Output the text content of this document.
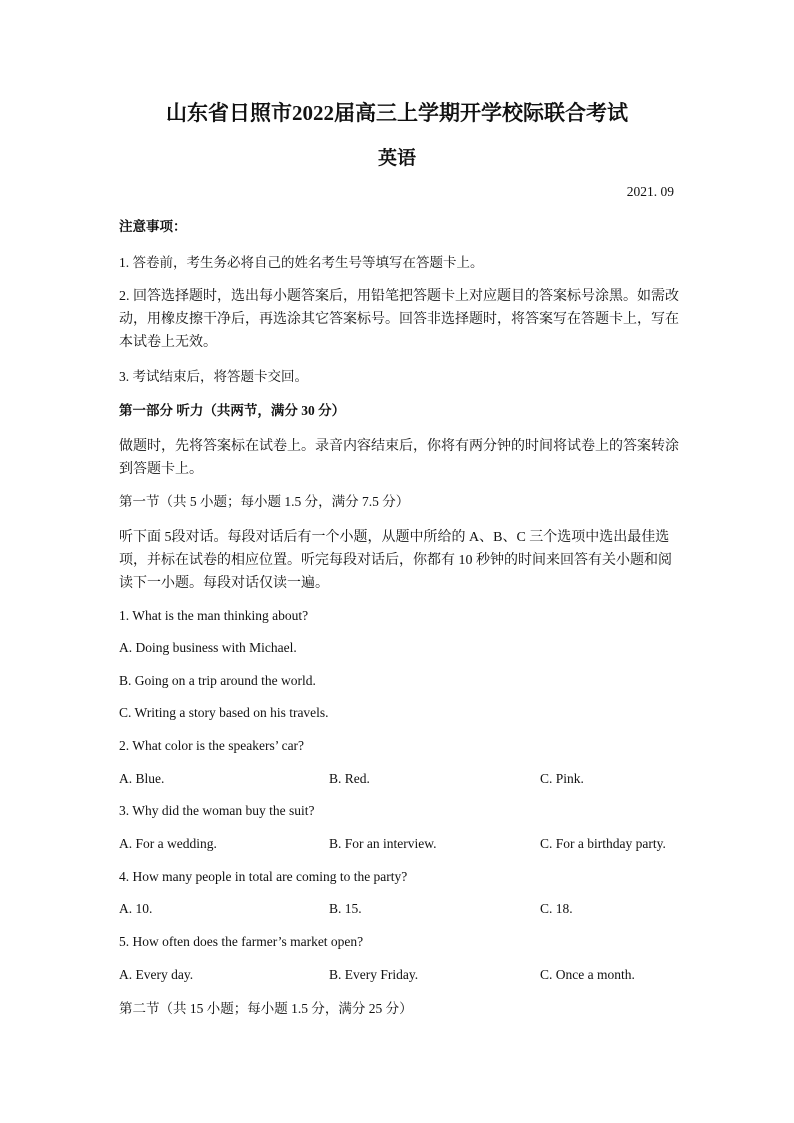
山东省日照市2022届高三上学期开学校际联合考试
英语
2021. 09
注意事项：
1. 答卷前，考生务必将自己的姓名考生号等填写在答题卡上。
2. 回答选择题时，选出每小题答案后，用铅笔把答题卡上对应题目的答案标号涂黑。如需改动，用橡皮擦干净后，再选涂其它答案标号。回答非选择题时，将答案写在答题卡上，写在本试卷上无效。
3. 考试结束后，将答题卡交回。
第一部分 听力（共两节，满分 30 分）
做题时，先将答案标在试卷上。录音内容结束后，你将有两分钟的时间将试卷上的答案转涂到答题卡上。
第一节（共 5 小题；每小题 1.5 分，满分 7.5 分）
听下面 5段对话。每段对话后有一个小题，从题中所给的 A、B、C 三个选项中选出最佳选项，并标在试卷的相应位置。听完每段对话后，你都有 10 秒钟的时间来回答有关小题和阅读下一小题。每段对话仅读一遍。
1. What is the man thinking about?
A. Doing business with Michael.
B. Going on a trip around the world.
C. Writing a story based on his travels.
2. What color is the speakers’ car?
A. Blue.	B. Red.	C. Pink.
3. Why did the woman buy the suit?
A. For a wedding.	B. For an interview.	C. For a birthday party.
4. How many people in total are coming to the party?
A. 10.	B. 15.	C. 18.
5. How often does the farmer’s market open?
A. Every day.	B. Every Friday.	C. Once a month.
第二节（共 15 小题；每小题 1.5 分，满分 25 分）
